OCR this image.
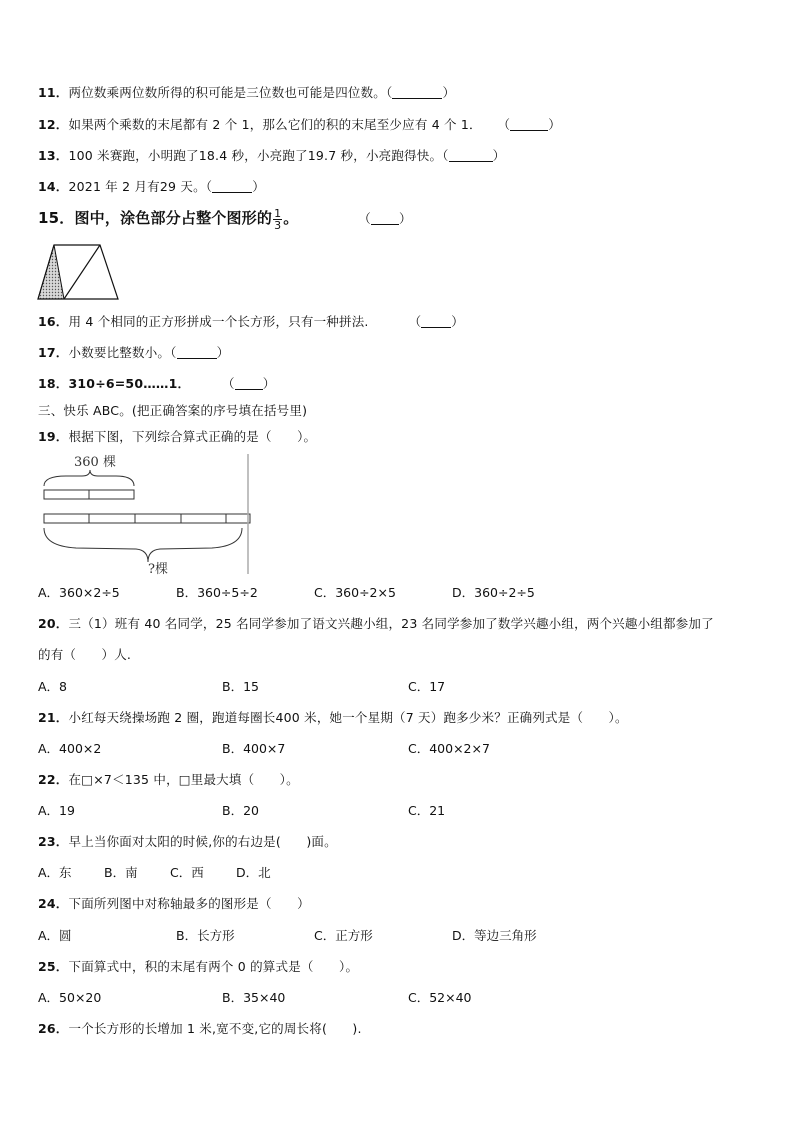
11．两位数乘两位数所得的积可能是三位数也可能是四位数。（	）
12．如果两个乘数的末尾都有 2 个 1，那么它们的积的末尾至少应有 4 个 1． （	）
13．100 米赛跑，小明跑了18.4 秒，小亮跑了19.7 秒，小亮跑得快。（	）
14．2021 年 2 月有29 天。（	）
15．图中，涂色部分占整个图形的 $\frac{1}{3}$ 。	（ ）
16．用 4 个相同的正方形拼成一个长方形，只有一种拼法.	（ ）
17．小数要比整数小。（	）
18．310÷6=50……1．	（ ）
三、快乐 ABC。(把正确答案的序号填在括号里)
19．根据下图，下列综合算式正确的是（　　）。
360 棵
?棵
A．360×2÷5	B．360÷5÷2	C．360÷2×5	D．360÷2÷5
20．三（1）班有 40 名同学，25 名同学参加了语文兴趣小组，23 名同学参加了数学兴趣小组，两个兴趣小组都参加了
的有（　　）人.
A．8	B．15	C．17
21．小红每天绕操场跑 2 圈，跑道每圈长400 米，她一个星期（7 天）跑多少米？正确列式是（　　）。
A．400×2	B．400×7	C．400×2×7
22．在□×7＜135 中，□里最大填（　　）。
A．19	B．20	C．21
23．早上当你面对太阳的时候,你的右边是(　　)面。
A．东	B．南	C．西	D．北
24．下面所列图中对称轴最多的图形是（　　）
A．圆	B．长方形	C．正方形	D．等边三角形
25．下面算式中，积的末尾有两个 0 的算式是（　　）。
A．50×20	B．35×40	C．52×40
26．一个长方形的长增加 1 米,宽不变,它的周长将(　　).
